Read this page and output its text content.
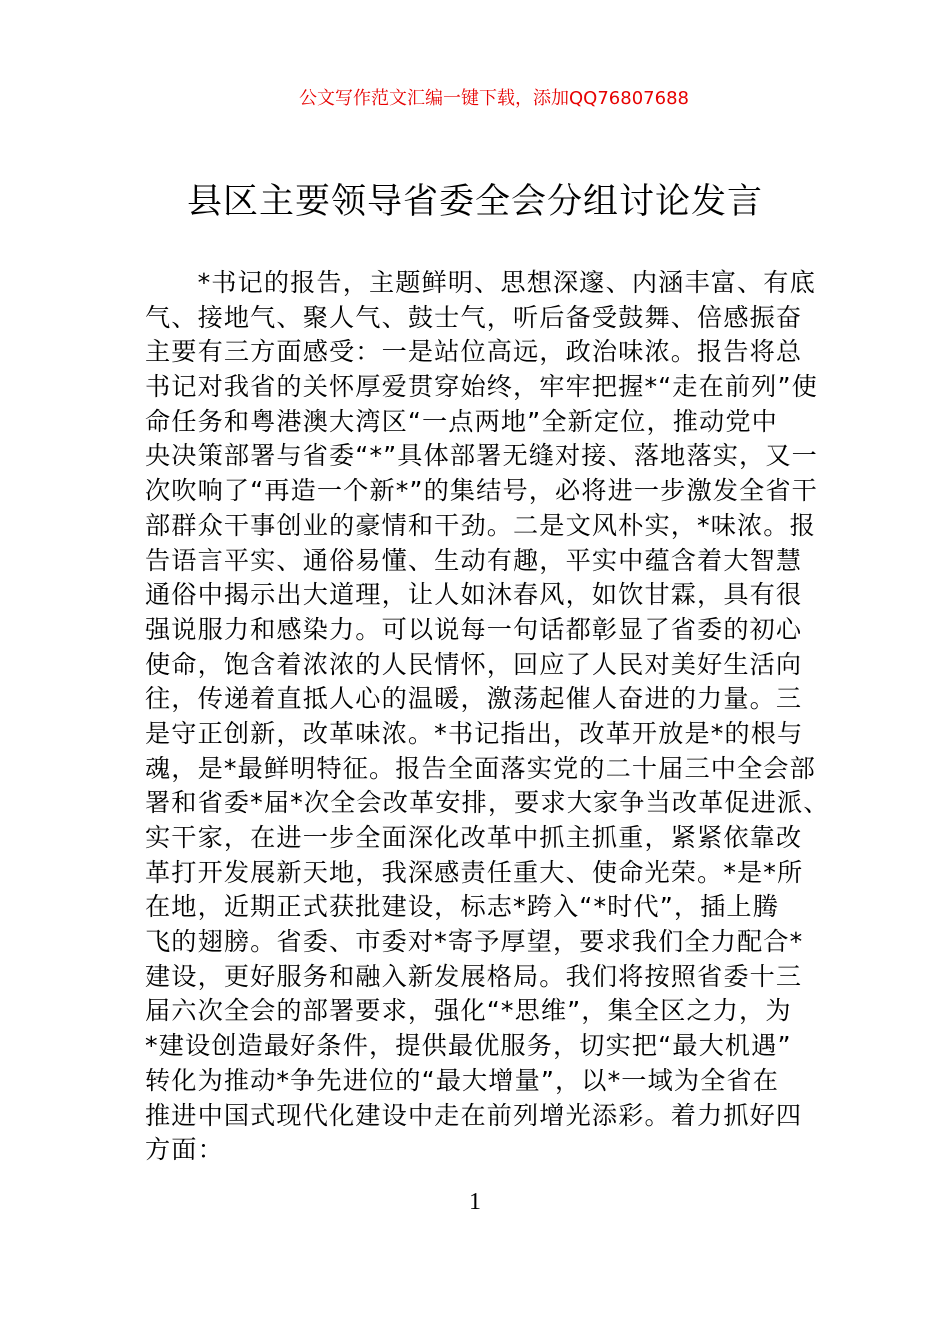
公文写作范文汇编一键下载，添加QQ76807688
县区主要领导省委全会分组讨论发言
　　*书记的报告，主题鲜明、思想深邃、内涵丰富、有底
气、接地气、聚人气、鼓士气，听后备受鼓舞、倍感振奋
主要有三方面感受：一是站位高远，政治味浓。报告将总
书记对我省的关怀厚爱贯穿始终，牢牢把握*“走在前列”使
命任务和粤港澳大湾区“一点两地”全新定位，推动党中
央决策部署与省委“*”具体部署无缝对接、落地落实，又一
次吹响了“再造一个新*”的集结号，必将进一步激发全省干
部群众干事创业的豪情和干劲。二是文风朴实，*味浓。报
告语言平实、通俗易懂、生动有趣，平实中蕴含着大智慧
通俗中揭示出大道理，让人如沐春风，如饮甘霖，具有很
强说服力和感染力。可以说每一句话都彰显了省委的初心
使命，饱含着浓浓的人民情怀，回应了人民对美好生活向
往，传递着直抵人心的温暖，激荡起催人奋进的力量。三
是守正创新，改革味浓。*书记指出，改革开放是*的根与
魂，是*最鲜明特征。报告全面落实党的二十届三中全会部
署和省委*届*次全会改革安排，要求大家争当改革促进派、
实干家，在进一步全面深化改革中抓主抓重，紧紧依靠改
革打开发展新天地，我深感责任重大、使命光荣。*是*所
在地，近期正式获批建设，标志*跨入“*时代”，插上腾
飞的翅膀。省委、市委对*寄予厚望，要求我们全力配合*
建设，更好服务和融入新发展格局。我们将按照省委十三
届六次全会的部署要求，强化“*思维”，集全区之力，为
*建设创造最好条件，提供最优服务，切实把“最大机遇”
转化为推动*争先进位的“最大增量”，以*一域为全省在
推进中国式现代化建设中走在前列增光添彩。着力抓好四
方面：
1
